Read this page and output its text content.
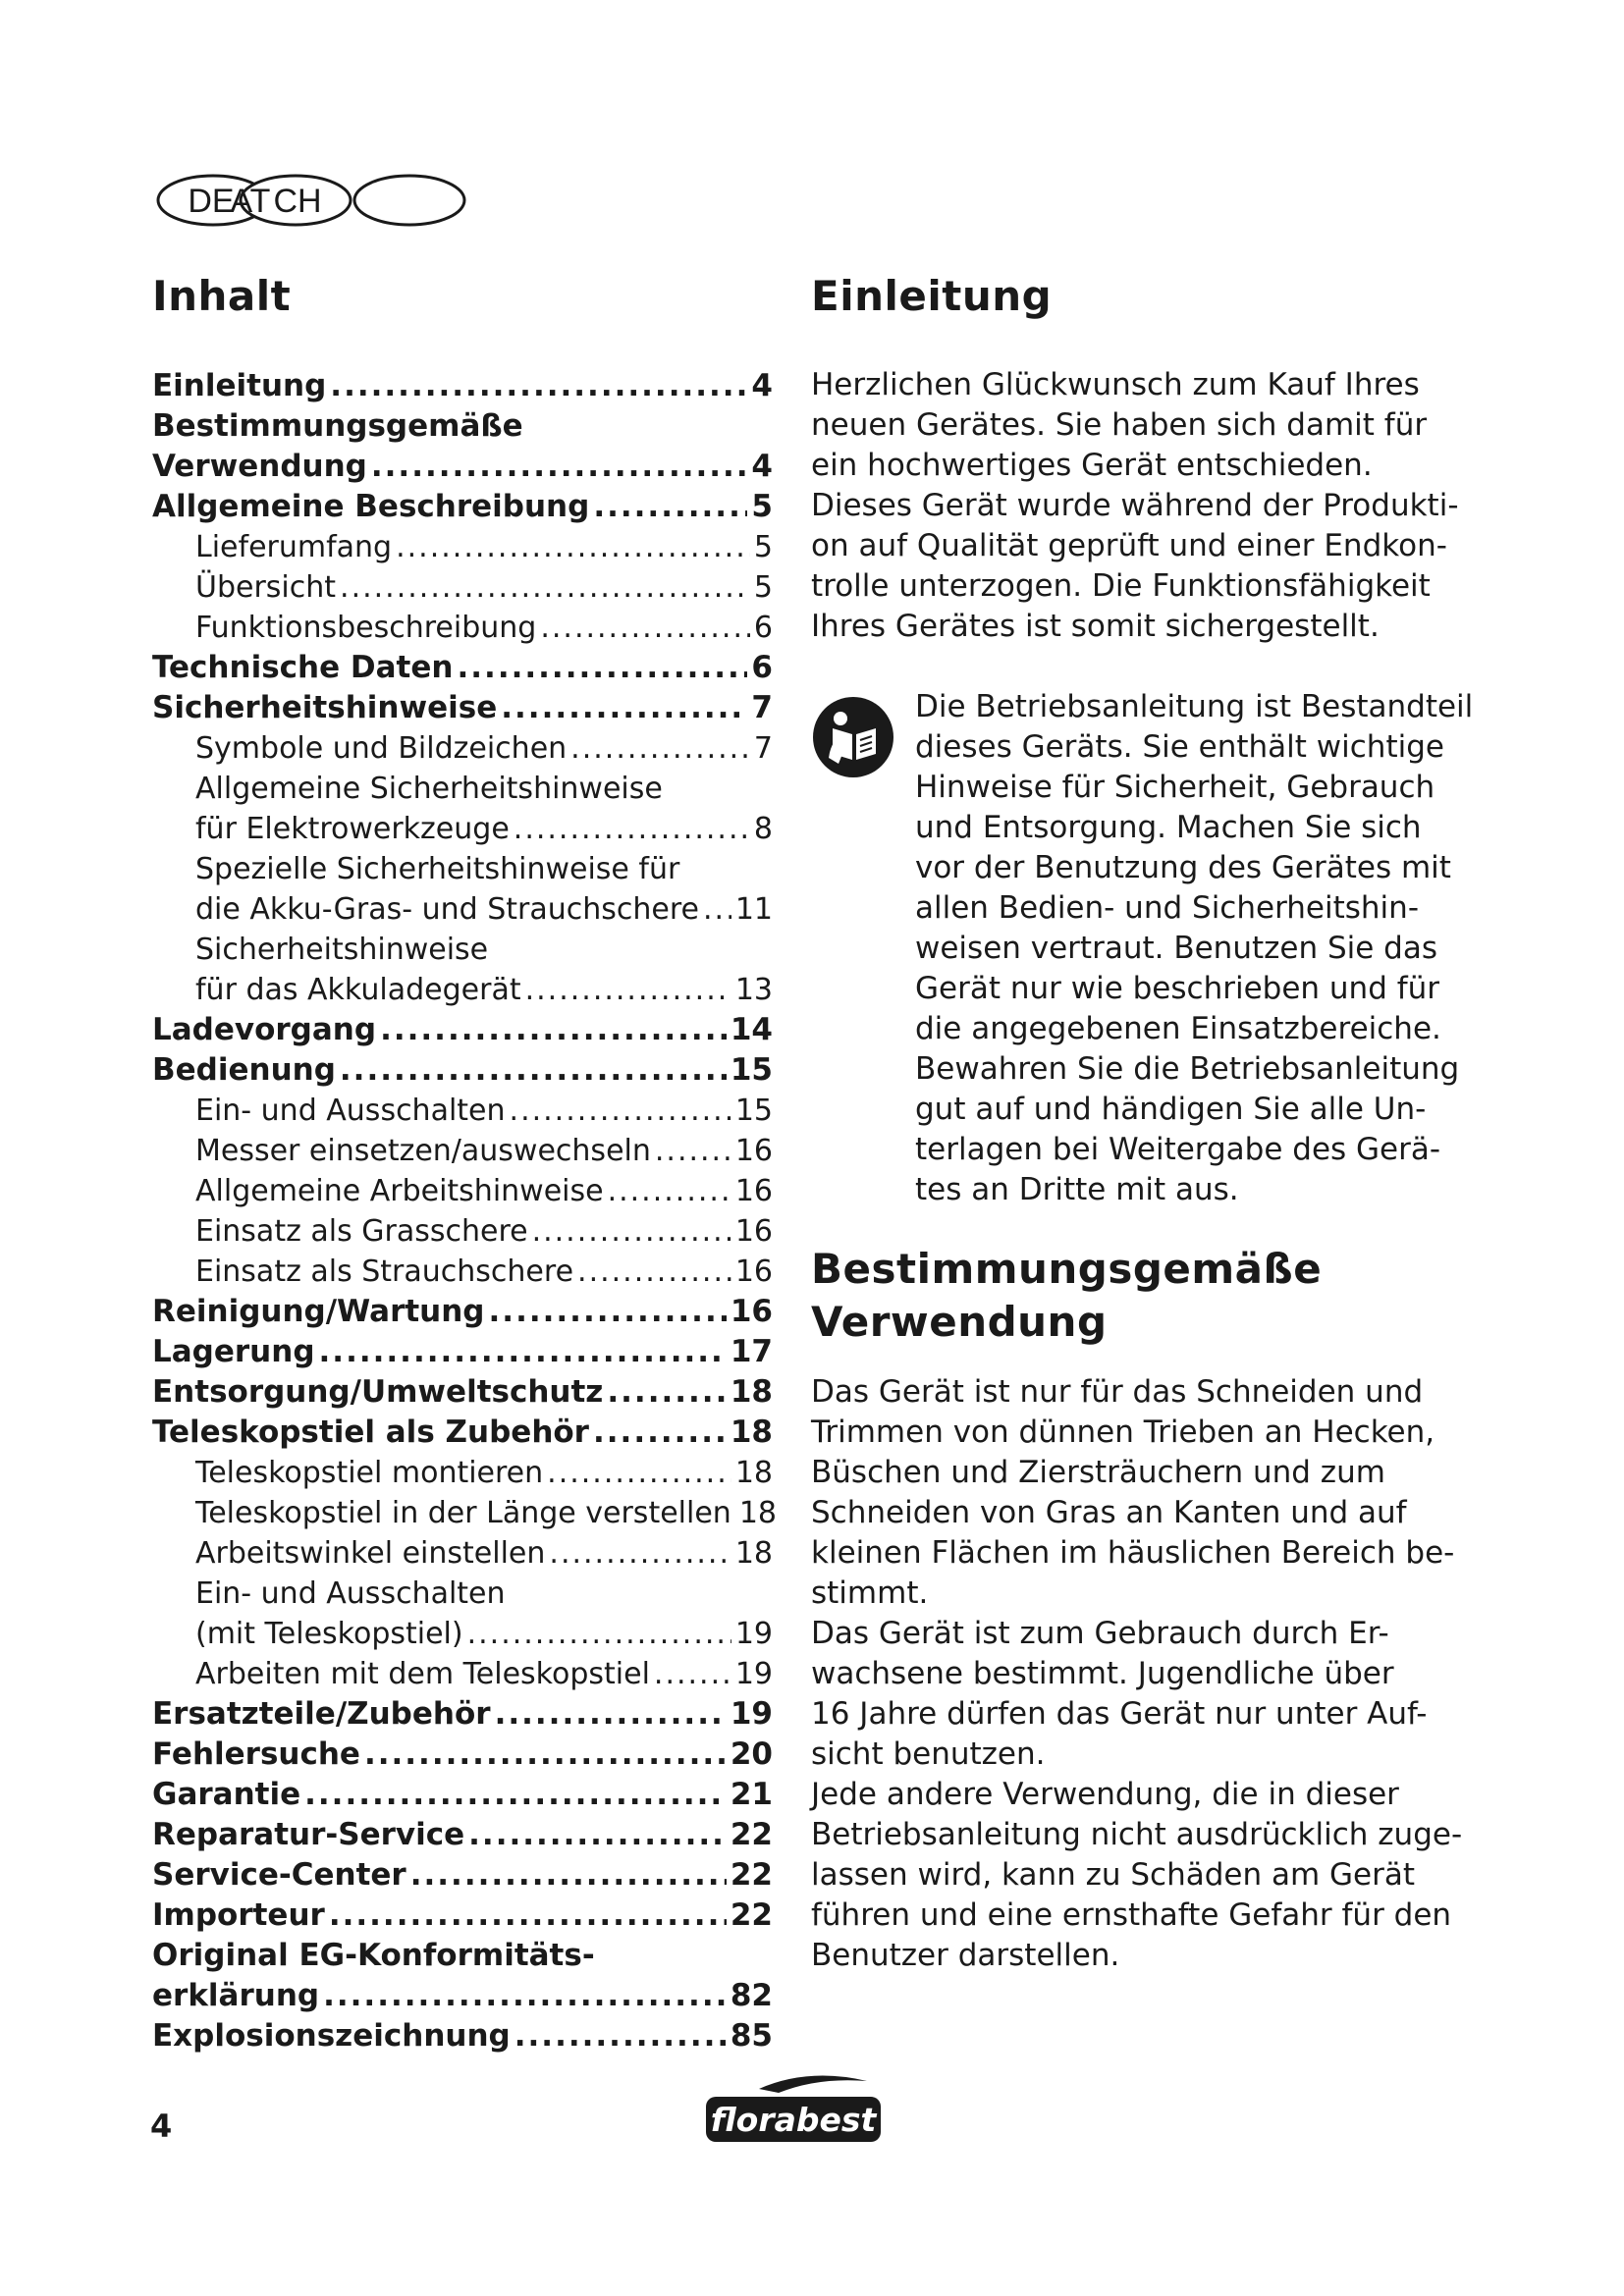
DE
AT CH
Inhalt
Einleitung .....	4
Bestimmungsgemäße
Verwendung .....	4
Allgemeine Beschreibung .....	5
Lieferumfang .....	5
Übersicht .....	5
Funktionsbeschreibung .....	6
Technische Daten .....	6
Sicherheitshinweise .....	7
Symbole und Bildzeichen .....	7
Allgemeine Sicherheitshinweise
für Elektrowerkzeuge .....	8
Spezielle Sicherheitshinweise für
die Akku-Gras- und Strauchschere ..... 11
Sicherheitshinweise
für das Akkuladegerät .....	13
Ladevorgang .....	14
Bedienung .....	15
Ein- und Ausschalten .....	15
Messer einsetzen/auswechseln .....	16
Allgemeine Arbeitshinweise .....	16
Einsatz als Grasschere .....	16
Einsatz als Strauchschere .....	16
Reinigung/Wartung .....	16
Lagerung .....	17
Entsorgung/Umweltschutz .....	18
Teleskopstiel als Zubehör .....	18
Teleskopstiel montieren .....	18
Teleskopstiel in der Länge verstellen 18
Arbeitswinkel einstellen .....	18
Ein- und Ausschalten
(mit Teleskopstiel) .....	19
Arbeiten mit dem Teleskopstiel .....	19
Ersatzteile/Zubehör .....	19
Fehlersuche .....	20
Garantie .....	21
Reparatur-Service .....	22
Service-Center .....	22
Importeur .....	22
Original EG-Konformitäts-
erklärung .....	82
Explosionszeichnung .....	85
Einleitung
Herzlichen Glückwunsch zum Kauf Ihres
neuen Gerätes. Sie haben sich damit für
ein hochwertiges Gerät entschieden.
Dieses Gerät wurde während der Produkti-
on auf Qualität geprüft und einer Endkon-
trolle unterzogen. Die Funktionsfähigkeit
Ihres Gerätes ist somit sichergestellt.
Die Betriebsanleitung ist Bestandteil
dieses Geräts. Sie enthält wichtige
Hinweise für Sicherheit, Gebrauch
und Entsorgung. Machen Sie sich
vor der Benutzung des Gerätes mit
allen Bedien- und Sicherheitshin-
weisen vertraut. Benutzen Sie das
Gerät nur wie beschrieben und für
die angegebenen Einsatzbereiche.
Bewahren Sie die Betriebsanleitung
gut auf und händigen Sie alle Un-
terlagen bei Weitergabe des Gerä-
tes an Dritte mit aus.
Bestimmungsgemäße
Verwendung
Das Gerät ist nur für das Schneiden und
Trimmen von dünnen Trieben an Hecken,
Büschen und Ziersträuchern und zum
Schneiden von Gras an Kanten und auf
kleinen Flächen im häuslichen Bereich be-
stimmt.
Das Gerät ist zum Gebrauch durch Er-
wachsene bestimmt. Jugendliche über
16 Jahre dürfen das Gerät nur unter Auf-
sicht benutzen.
Jede andere Verwendung, die in dieser
Betriebsanleitung nicht ausdrücklich zuge-
lassen wird, kann zu Schäden am Gerät
führen und eine ernsthafte Gefahr für den
Benutzer darstellen.
4	florabest
